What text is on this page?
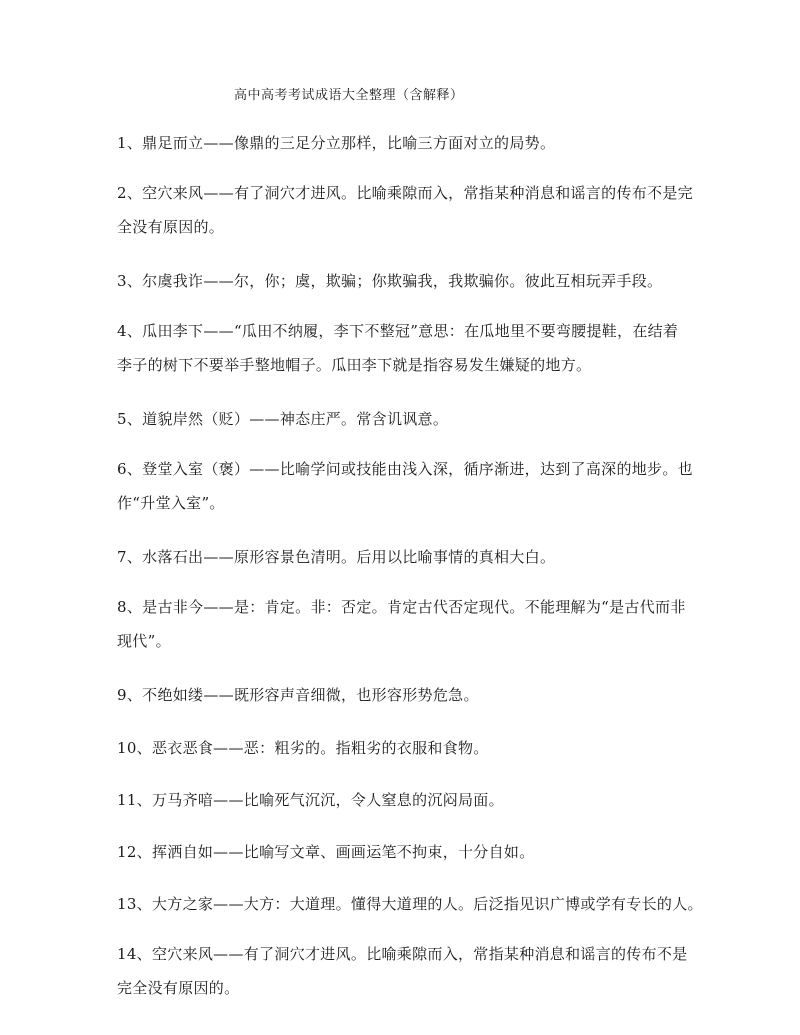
高中高考考试成语大全整理（含解释）
1、鼎足而立——像鼎的三足分立那样，比喻三方面对立的局势。
2、空穴来风——有了洞穴才进风。比喻乘隙而入，常指某种消息和谣言的传布不是完
全没有原因的。
3、尔虞我诈——尔，你；虞，欺骗；你欺骗我，我欺骗你。彼此互相玩弄手段。
4、瓜田李下——“瓜田不纳履，李下不整冠”意思：在瓜地里不要弯腰提鞋，在结着
李子的树下不要举手整地帽子。瓜田李下就是指容易发生嫌疑的地方。
5、道貌岸然（贬）——神态庄严。常含讥讽意。
6、登堂入室（褒）——比喻学问或技能由浅入深，循序渐进，达到了高深的地步。也
作“升堂入室”。
7、水落石出——原形容景色清明。后用以比喻事情的真相大白。
8、是古非今——是：肯定。非：否定。肯定古代否定现代。不能理解为“是古代而非
现代”。
9、不绝如缕——既形容声音细微，也形容形势危急。
10、恶衣恶食——恶：粗劣的。指粗劣的衣服和食物。
11、万马齐喑——比喻死气沉沉，令人窒息的沉闷局面。
12、挥洒自如——比喻写文章、画画运笔不拘束，十分自如。
13、大方之家——大方：大道理。懂得大道理的人。后泛指见识广博或学有专长的人。
14、空穴来风——有了洞穴才进风。比喻乘隙而入，常指某种消息和谣言的传布不是
完全没有原因的。
